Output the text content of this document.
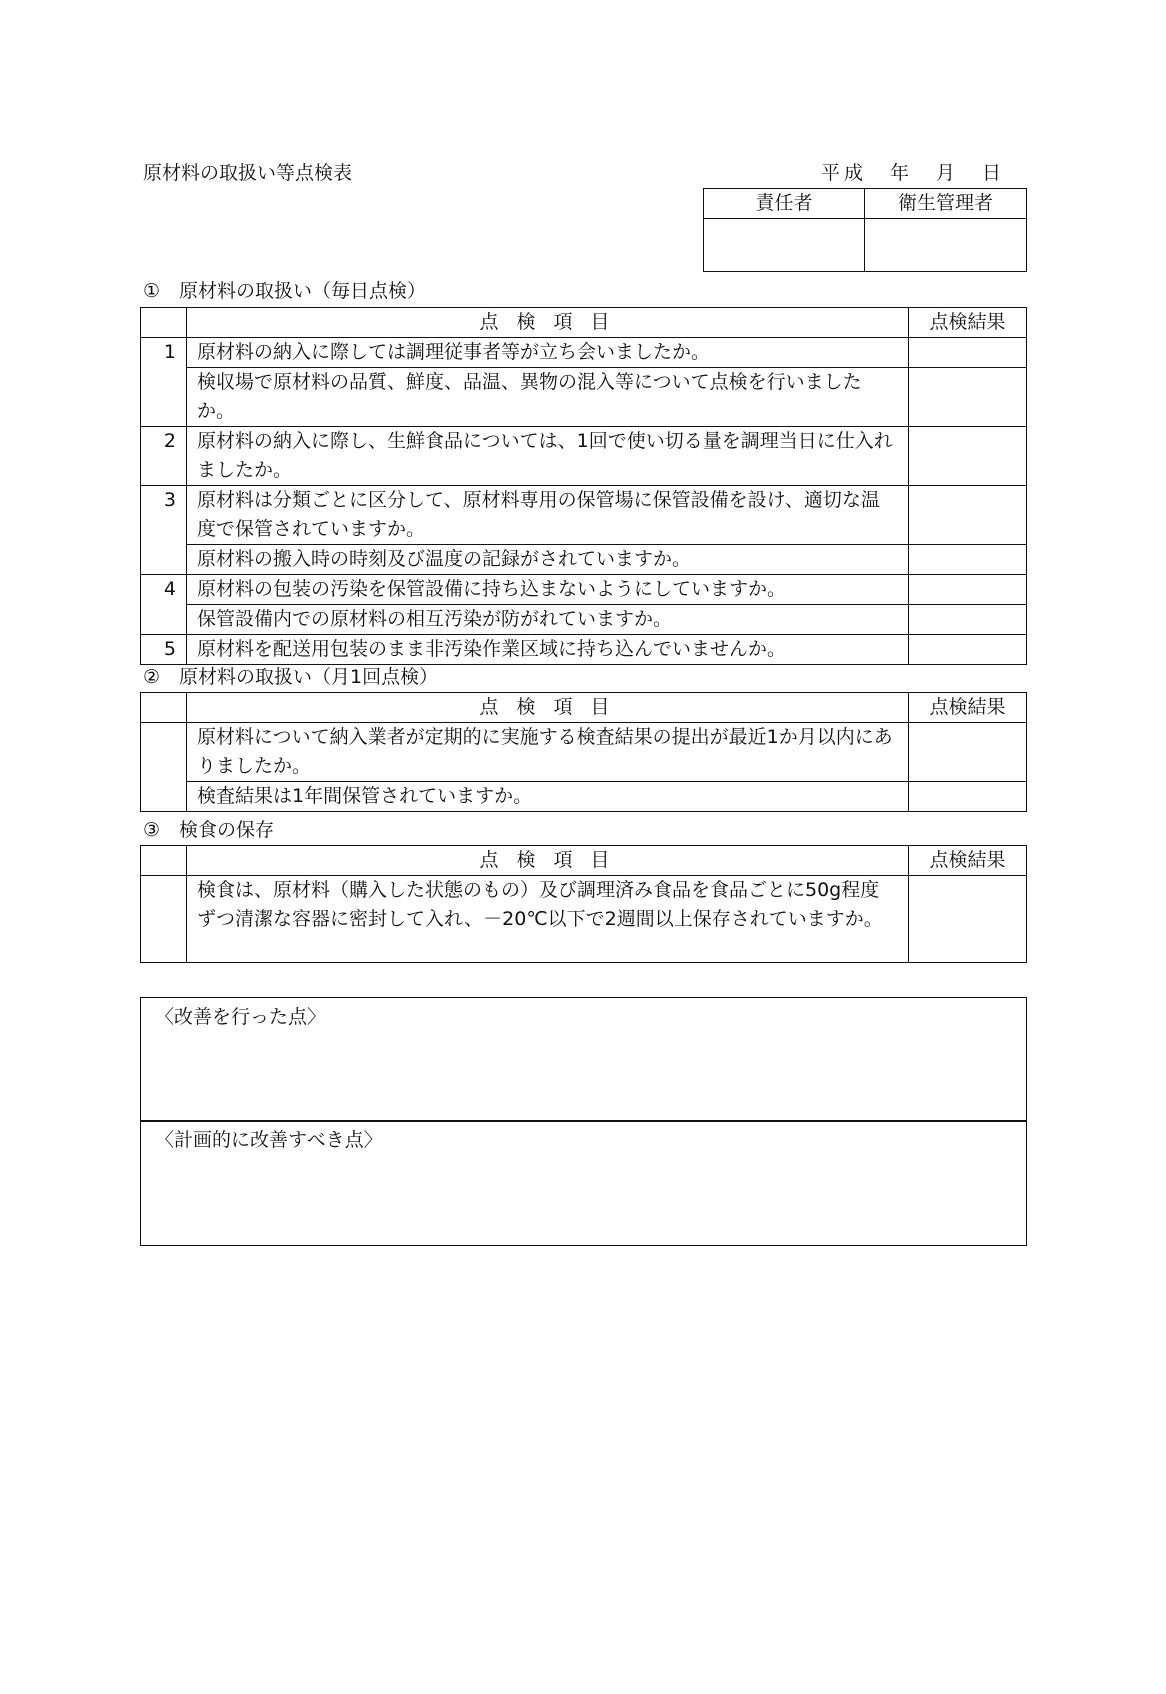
原材料の取扱い等点検表	平成　年　月　日
責任者	衛生管理者

①　原材料の取扱い（毎日点検）
	点 検 項 目	点検結果
1	原材料の納入に際しては調理従事者等が立ち会いましたか。	
	検収場で原材料の品質、鮮度、品温、異物の混入等について点検を行いましたか。	
2	原材料の納入に際し、生鮮食品については、1回で使い切る量を調理当日に仕入れましたか。	
3	原材料は分類ごとに区分して、原材料専用の保管場に保管設備を設け、適切な温度で保管されていますか。	
	原材料の搬入時の時刻及び温度の記録がされていますか。	
4	原材料の包装の汚染を保管設備に持ち込まないようにしていますか。	
	保管設備内での原材料の相互汚染が防がれていますか。	
5	原材料を配送用包装のまま非汚染作業区域に持ち込んでいませんか。	
②　原材料の取扱い（月1回点検）
	点 検 項 目	点検結果
	原材料について納入業者が定期的に実施する検査結果の提出が最近1か月以内にありましたか。	
	検査結果は1年間保管されていますか。	
③　検食の保存
	点 検 項 目	点検結果
	検食は、原材料（購入した状態のもの）及び調理済み食品を食品ごとに50g程度ずつ清潔な容器に密封して入れ、－20℃以下で2週間以上保存されていますか。	
〈改善を行った点〉
〈計画的に改善すべき点〉
